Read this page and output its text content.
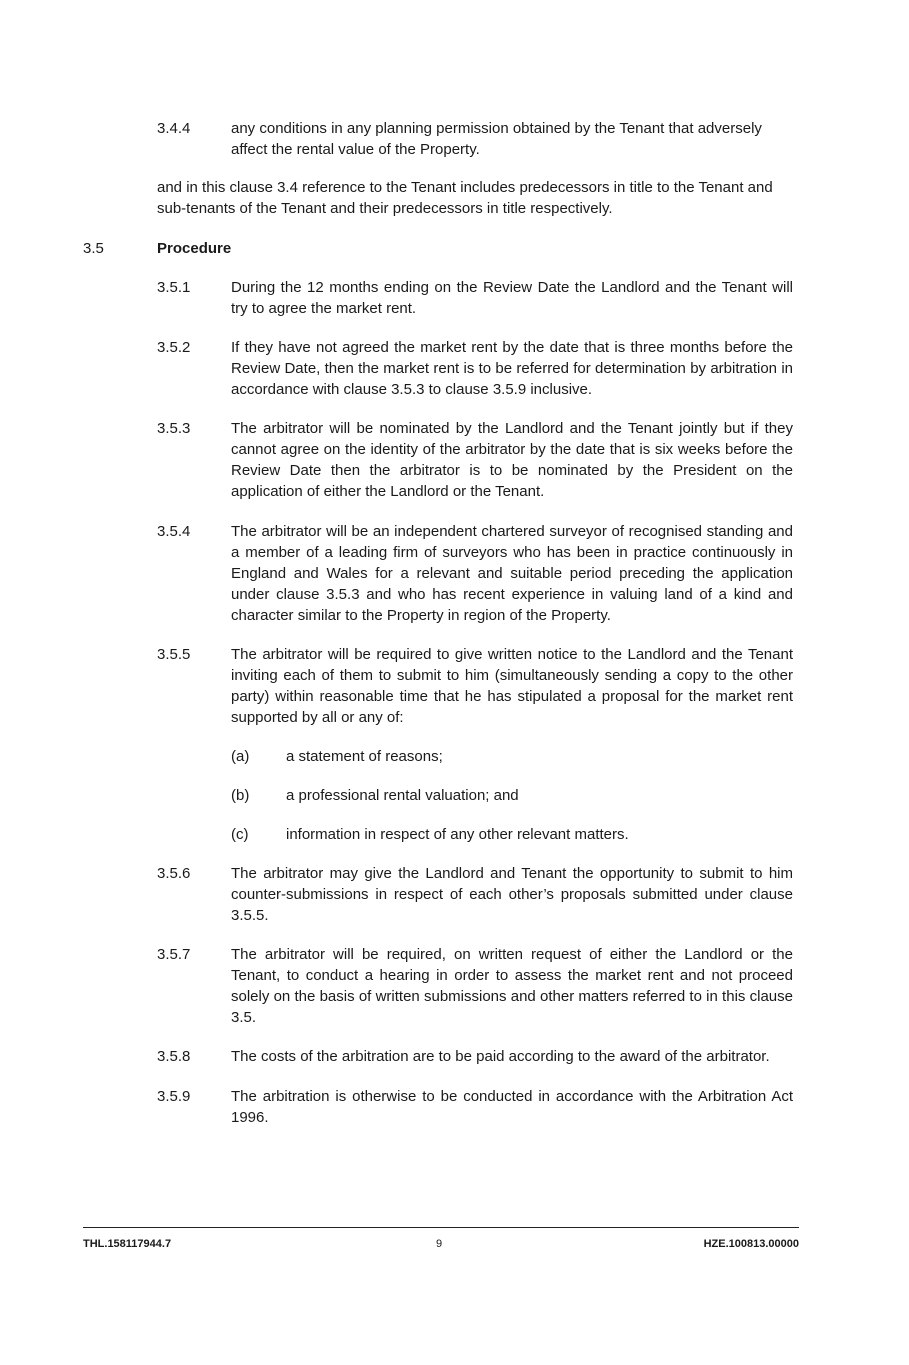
3.4.4	any conditions in any planning permission obtained by the Tenant that adversely affect the rental value of the Property.
and in this clause 3.4 reference to the Tenant includes predecessors in title to the Tenant and sub-tenants of the Tenant and their predecessors in title respectively.
3.5	Procedure
3.5.1	During the 12 months ending on the Review Date the Landlord and the Tenant will try to agree the market rent.
3.5.2	If they have not agreed the market rent by the date that is three months before the Review Date, then the market rent is to be referred for determination by arbitration in accordance with clause 3.5.3 to clause 3.5.9 inclusive.
3.5.3	The arbitrator will be nominated by the Landlord and the Tenant jointly but if they cannot agree on the identity of the arbitrator by the date that is six weeks before the Review Date then the arbitrator is to be nominated by the President on the application of either the Landlord or the Tenant.
3.5.4	The arbitrator will be an independent chartered surveyor of recognised standing and a member of a leading firm of surveyors who has been in practice continuously in England and Wales for a relevant and suitable period preceding the application under clause 3.5.3 and who has recent experience in valuing land of a kind and character similar to the Property in region of the Property.
3.5.5	The arbitrator will be required to give written notice to the Landlord and the Tenant inviting each of them to submit to him (simultaneously sending a copy to the other party) within reasonable time that he has stipulated a proposal for the market rent supported by all or any of:
(a) a statement of reasons;
(b) a professional rental valuation; and
(c)	information in respect of any other relevant matters.
3.5.6	The arbitrator may give the Landlord and Tenant the opportunity to submit to him counter-submissions in respect of each other’s proposals submitted under clause 3.5.5.
3.5.7	The arbitrator will be required, on written request of either the Landlord or the Tenant, to conduct a hearing in order to assess the market rent and not proceed solely on the basis of written submissions and other matters referred to in this clause 3.5.
3.5.8	The costs of the arbitration are to be paid according to the award of the arbitrator.
3.5.9	The arbitration is otherwise to be conducted in accordance with the Arbitration Act 1996.
THL.158117944.7	9	HZE.100813.00000
